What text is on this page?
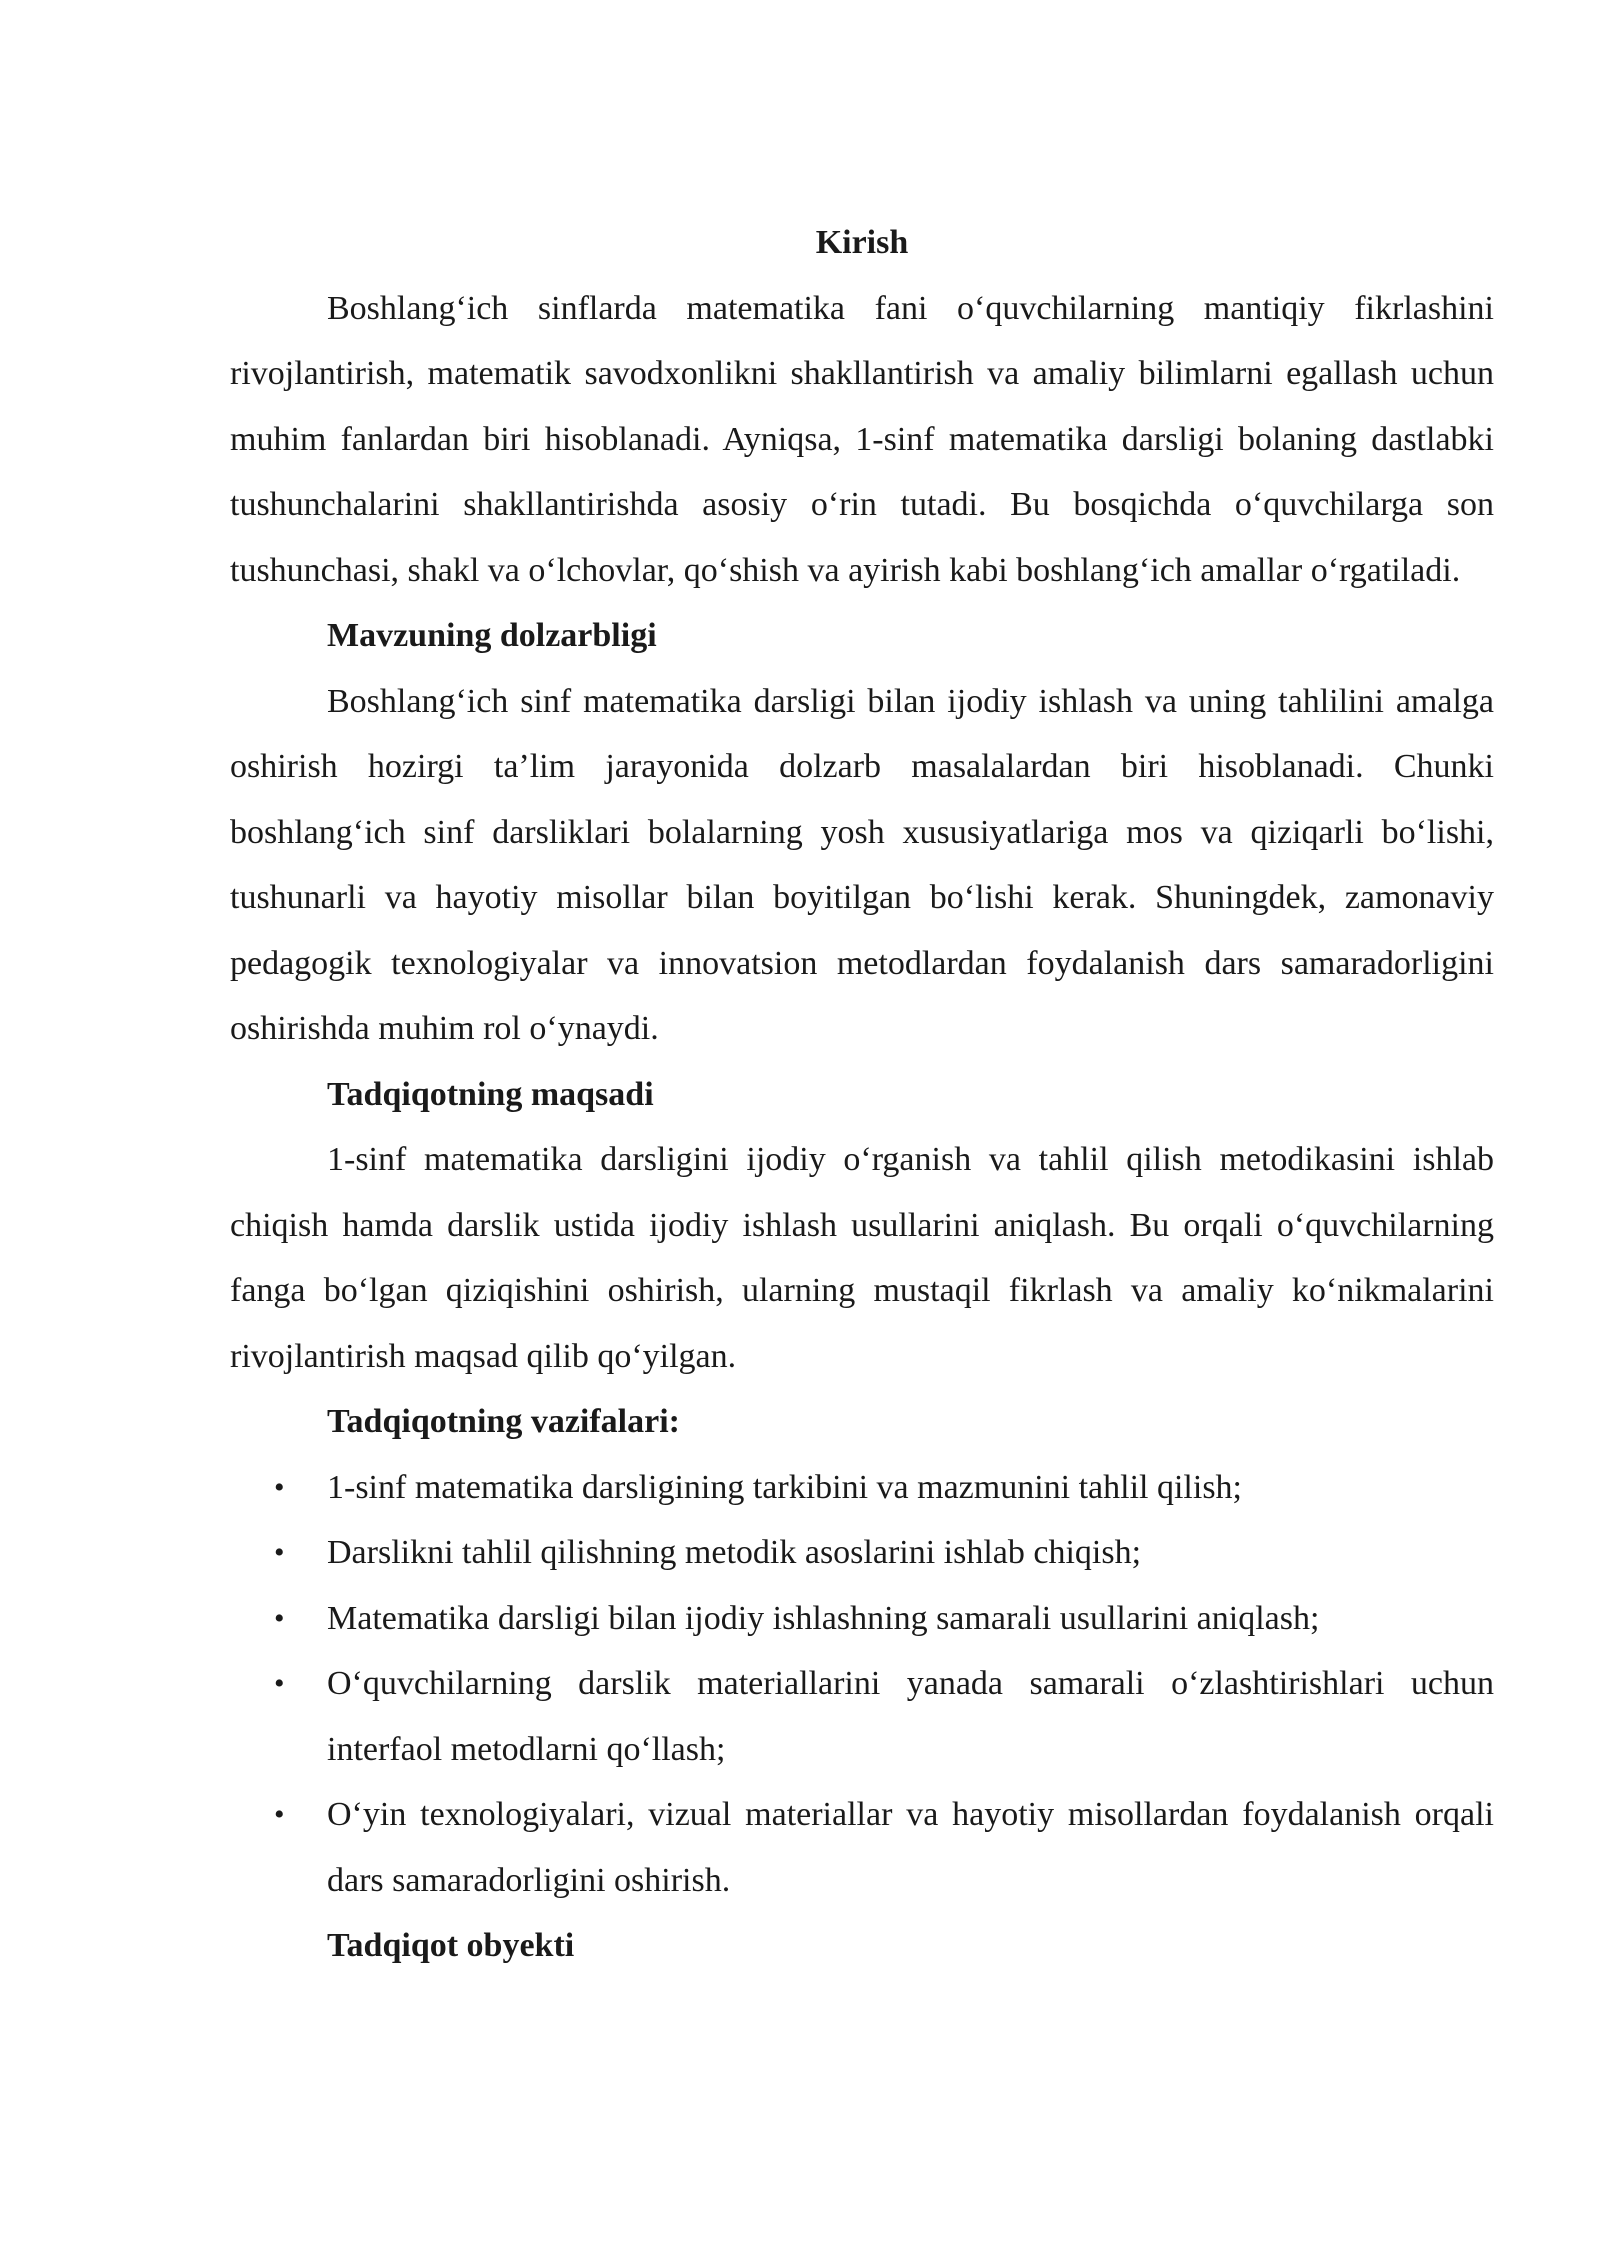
Kirish

Boshlang‘ich sinflarda matematika fani o‘quvchilarning mantiqiy fikrlashini rivojlantirish, matematik savodxonlikni shakllantirish va amaliy bilimlarni egallash uchun muhim fanlardan biri hisoblanadi. Ayniqsa, 1-sinf matematika darsligi bolaning dastlabki tushunchalarini shakllantirishda asosiy o‘rin tutadi. Bu bosqichda o‘quvchilarga son tushunchasi, shakl va o‘lchovlar, qo‘shish va ayirish kabi boshlang‘ich amallar o‘rgatiladi.

Mavzuning dolzarbligi

Boshlang‘ich sinf matematika darsligi bilan ijodiy ishlash va uning tahlilini amalga oshirish hozirgi ta’lim jarayonida dolzarb masalalardan biri hisoblanadi. Chunki boshlang‘ich sinf darsliklari bolalarning yosh xususiyatlariga mos va qiziqarli bo‘lishi, tushunarli va hayotiy misollar bilan boyitilgan bo‘lishi kerak. Shuningdek, zamonaviy pedagogik texnologiyalar va innovatsion metodlardan foydalanish dars samaradorligini oshirishda muhim rol o‘ynaydi.

Tadqiqotning maqsadi

1-sinf matematika darsligini ijodiy o‘rganish va tahlil qilish metodikasini ishlab chiqish hamda darslik ustida ijodiy ishlash usullarini aniqlash. Bu orqali o‘quvchilarning fanga bo‘lgan qiziqishini oshirish, ularning mustaqil fikrlash va amaliy ko‘nikmalarini rivojlantirish maqsad qilib qo‘yilgan.

Tadqiqotning vazifalari:

• 1-sinf matematika darsligining tarkibini va mazmunini tahlil qilish;
• Darslikni tahlil qilishning metodik asoslarini ishlab chiqish;
• Matematika darsligi bilan ijodiy ishlashning samarali usullarini aniqlash;
• O‘quvchilarning darslik materiallarini yanada samarali o‘zlashtirishlari uchun interfaol metodlarni qo‘llash;
• O‘yin texnologiyalari, vizual materiallar va hayotiy misollardan foydalanish orqali dars samaradorligini oshirish.

Tadqiqot obyekti
